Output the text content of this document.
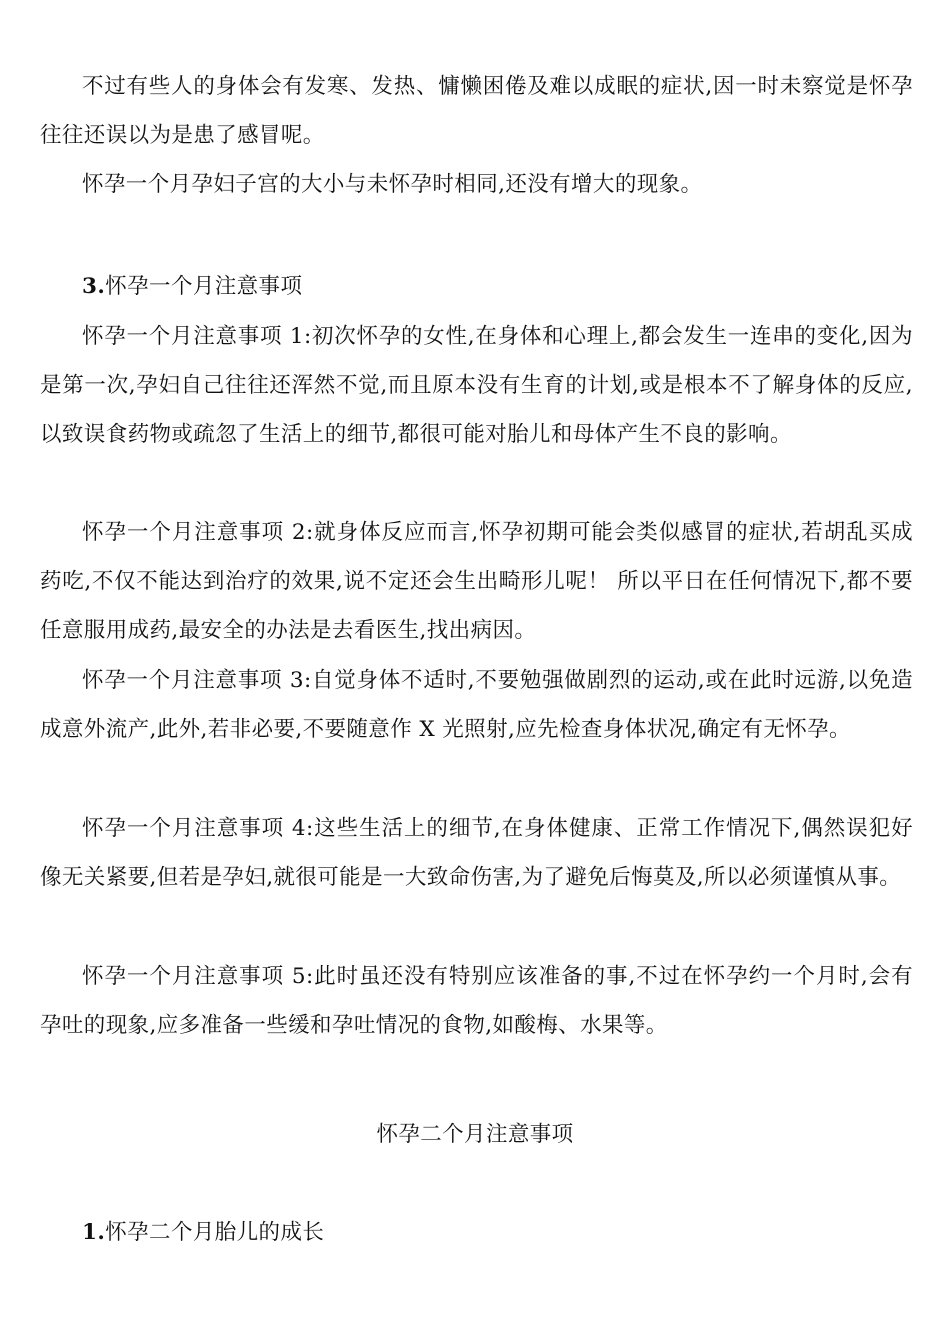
不过有些人的身体会有发寒、发热、慵懒困倦及难以成眠的症状,因一时未察觉是怀孕往往还误以为是患了感冒呢。

怀孕一个月孕妇子宫的大小与未怀孕时相同,还没有增大的现象。

3.怀孕一个月注意事项

怀孕一个月注意事项 1:初次怀孕的女性,在身体和心理上,都会发生一连串的变化,因为是第一次,孕妇自己往往还浑然不觉,而且原本没有生育的计划,或是根本不了解身体的反应,以致误食药物或疏忽了生活上的细节,都很可能对胎儿和母体产生不良的影响。

怀孕一个月注意事项 2:就身体反应而言,怀孕初期可能会类似感冒的症状,若胡乱买成药吃,不仅不能达到治疗的效果,说不定还会生出畸形儿呢！ 所以平日在任何情况下,都不要任意服用成药,最安全的办法是去看医生,找出病因。

怀孕一个月注意事项 3:自觉身体不适时,不要勉强做剧烈的运动,或在此时远游,以免造成意外流产,此外,若非必要,不要随意作 X 光照射,应先检查身体状况,确定有无怀孕。

怀孕一个月注意事项 4:这些生活上的细节,在身体健康、正常工作情况下,偶然误犯好像无关紧要,但若是孕妇,就很可能是一大致命伤害,为了避免后悔莫及,所以必须谨慎从事。

怀孕一个月注意事项 5:此时虽还没有特别应该准备的事,不过在怀孕约一个月时,会有孕吐的现象,应多准备一些缓和孕吐情况的食物,如酸梅、水果等。

怀孕二个月注意事项

1.怀孕二个月胎儿的成长
